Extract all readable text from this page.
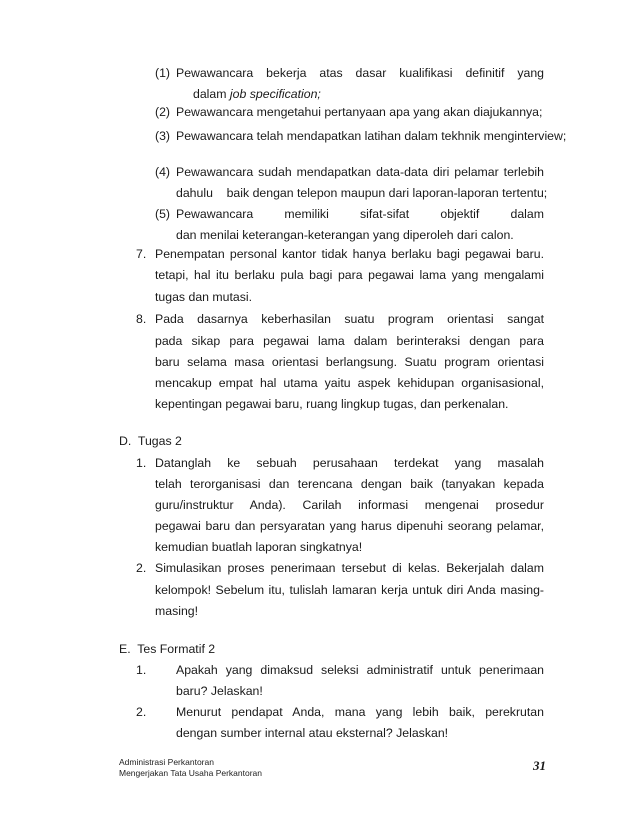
(1) Pewawancara bekerja atas dasar kualifikasi definitif yang
dalam job specification;
(2) Pewawancara mengetahui pertanyaan apa yang akan diajukannya;
(3) Pewawancara telah mendapatkan latihan dalam tekhnik menginterview;
(4) Pewawancara sudah mendapatkan data-data diri pelamar terlebih
dahulu    baik dengan telepon maupun dari laporan-laporan tertentu;
(5) Pewawancara memiliki sifat-sifat objektif dalam
dan menilai keterangan-keterangan yang diperoleh dari calon.
7. Penempatan personal kantor tidak hanya berlaku bagi pegawai baru.
tetapi, hal itu berlaku pula bagi para pegawai lama yang mengalami
tugas dan mutasi.
8. Pada dasarnya keberhasilan suatu program orientasi sangat
pada sikap para pegawai lama dalam berinteraksi dengan para
baru selama masa orientasi berlangsung. Suatu program orientasi
mencakup empat hal utama yaitu aspek kehidupan organisasional,
kepentingan pegawai baru, ruang lingkup tugas, dan perkenalan.
D.  Tugas 2
1. Datanglah ke sebuah perusahaan terdekat yang masalah
telah terorganisasi dan terencana dengan baik (tanyakan kepada
guru/instruktur Anda). Carilah informasi mengenai prosedur
pegawai baru dan persyaratan yang harus dipenuhi seorang pelamar,
kemudian buatlah laporan singkatnya!
2. Simulasikan proses penerimaan tersebut di kelas. Bekerjalah dalam
kelompok! Sebelum itu, tulislah lamaran kerja untuk diri Anda masing-
masing!
E.  Tes Formatif 2
1. Apakah yang dimaksud seleksi administratif untuk penerimaan
baru? Jelaskan!
2. Menurut pendapat Anda, mana yang lebih baik, perekrutan
dengan sumber internal atau eksternal? Jelaskan!
Administrasi Perkantoran
Mengerjakan Tata Usaha Perkantoran	31
